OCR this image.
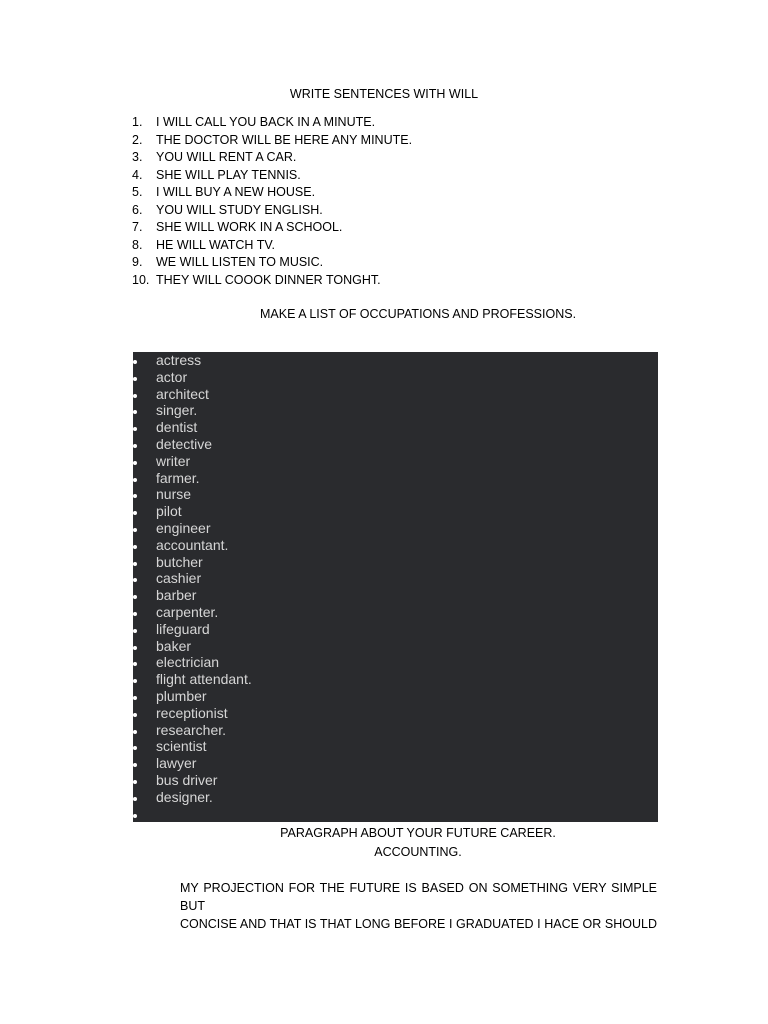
WRITE SENTENCES WITH WILL
1. I WILL CALL YOU BACK IN A MINUTE.
2. THE DOCTOR WILL BE HERE ANY MINUTE.
3. YOU WILL RENT A CAR.
4. SHE WILL PLAY TENNIS.
5. I WILL BUY A NEW HOUSE.
6. YOU WILL STUDY ENGLISH.
7. SHE WILL WORK IN A SCHOOL.
8. HE WILL WATCH TV.
9. WE WILL LISTEN TO MUSIC.
10. THEY WILL COOOK DINNER TONGHT.
MAKE A LIST OF OCCUPATIONS AND PROFESSIONS.
actress
actor
architect
singer.
dentist
detective
writer
farmer.
nurse
pilot
engineer
accountant.
butcher
cashier
barber
carpenter.
lifeguard
baker
electrician
flight attendant.
plumber
receptionist
researcher.
scientist
lawyer
bus driver
designer.
PARAGRAPH ABOUT YOUR FUTURE CAREER.
ACCOUNTING.
MY PROJECTION FOR THE FUTURE IS BASED ON SOMETHING VERY SIMPLE BUT
CONCISE AND THAT IS THAT LONG BEFORE I GRADUATED I HACE OR SHOULD
